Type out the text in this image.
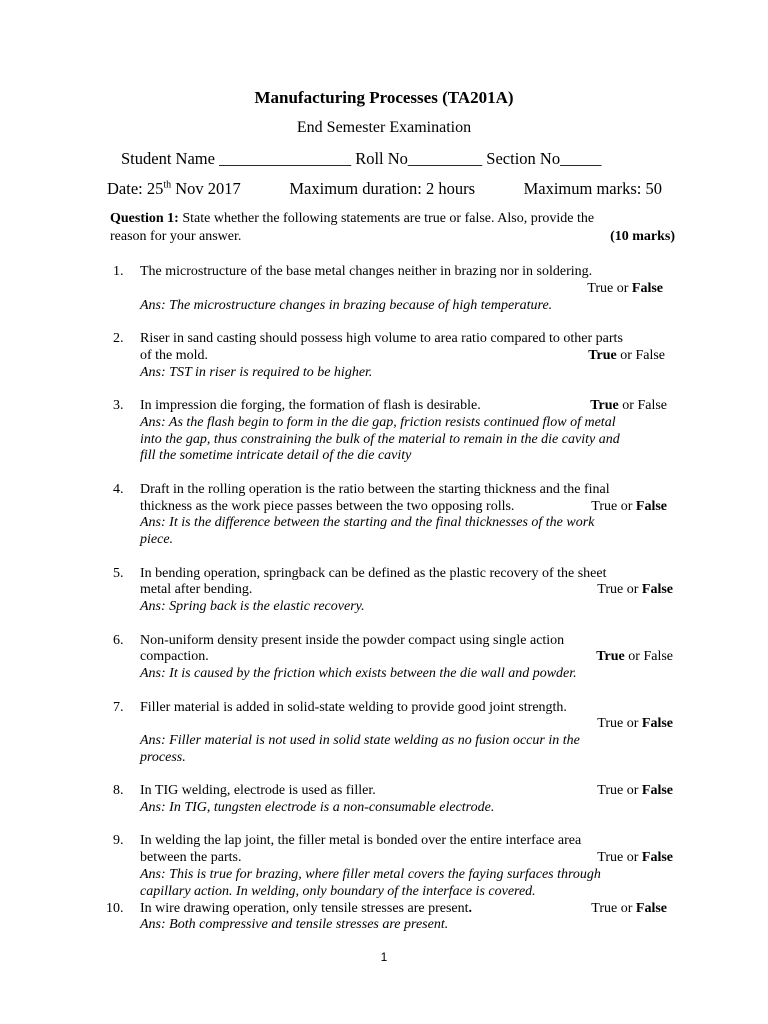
Manufacturing Processes (TA201A)
End Semester Examination
Student Name ________________ Roll No_________ Section No_____
Date: 25th Nov 2017	Maximum duration: 2 hours	Maximum marks: 50
Question 1: State whether the following statements are true or false. Also, provide the
reason for your answer.	(10 marks)
1.	The microstructure of the base metal changes neither in brazing nor in soldering.
True or False
Ans: The microstructure changes in brazing because of high temperature.
2.	Riser in sand casting should possess high volume to area ratio compared to other parts
of the mold.	True or False
Ans: TST in riser is required to be higher.
3.	In impression die forging, the formation of flash is desirable.	True or False
Ans: As the flash begin to form in the die gap, friction resists continued flow of metal
into the gap, thus constraining the bulk of the material to remain in the die cavity and
fill the sometime intricate detail of the die cavity
4.	Draft in the rolling operation is the ratio between the starting thickness and the final
thickness as the work piece passes between the two opposing rolls.	True or False
Ans: It is the difference between the starting and the final thicknesses of the work
piece.
5.	In bending operation, springback can be defined as the plastic recovery of the sheet
metal after bending.	True or False
Ans: Spring back is the elastic recovery.
6.	Non-uniform density present inside the powder compact using single action
compaction.	True or False
Ans: It is caused by the friction which exists between the die wall and powder.
7.	Filler material is added in solid-state welding to provide good joint strength.
True or False
Ans: Filler material is not used in solid state welding as no fusion occur in the
process.
8.	In TIG welding, electrode is used as filler.	True or False
Ans: In TIG, tungsten electrode is a non-consumable electrode.
9.	In welding the lap joint, the filler metal is bonded over the entire interface area
between the parts.	True or False
Ans: This is true for brazing, where filler metal covers the faying surfaces through
capillary action. In welding, only boundary of the interface is covered.
10.	In wire drawing operation, only tensile stresses are present.	True or False
Ans: Both compressive and tensile stresses are present.
1
